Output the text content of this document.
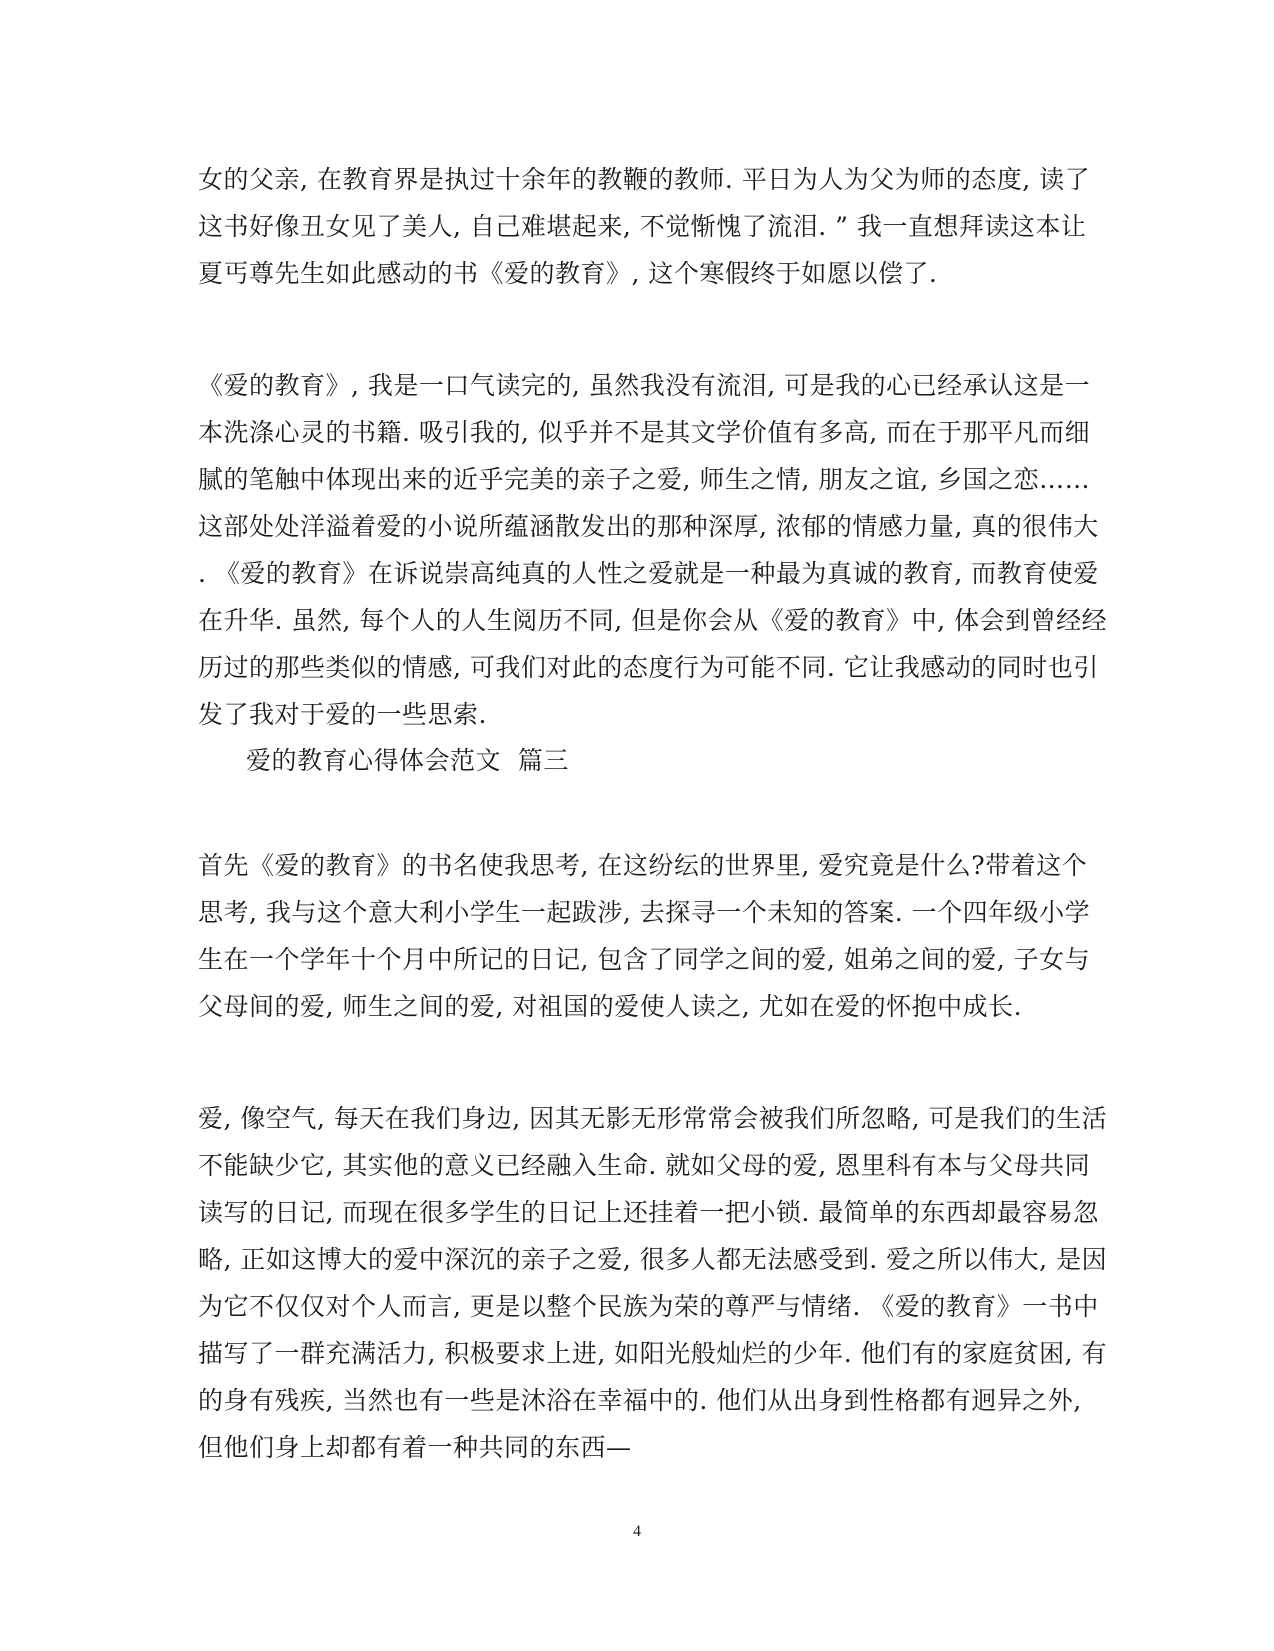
女的父亲, 在教育界是执过十余年的教鞭的教师. 平日为人为父为师的态度, 读了
这书好像丑女见了美人, 自己难堪起来, 不觉惭愧了流泪. ” 我一直想拜读这本让
夏丐尊先生如此感动的书《爱的教育》, 这个寒假终于如愿以偿了.
《爱的教育》, 我是一口气读完的, 虽然我没有流泪, 可是我的心已经承认这是一
本洗涤心灵的书籍. 吸引我的, 似乎并不是其文学价值有多高, 而在于那平凡而细
腻的笔触中体现出来的近乎完美的亲子之爱, 师生之情, 朋友之谊, 乡国之恋……
这部处处洋溢着爱的小说所蕴涵散发出的那种深厚, 浓郁的情感力量, 真的很伟大
. 《爱的教育》在诉说崇高纯真的人性之爱就是一种最为真诚的教育, 而教育使爱
在升华. 虽然, 每个人的人生阅历不同, 但是你会从《爱的教育》中, 体会到曾经经
历过的那些类似的情感, 可我们对此的态度行为可能不同. 它让我感动的同时也引
发了我对于爱的一些思索.
爱的教育心得体会范文  篇三
首先《爱的教育》的书名使我思考, 在这纷纭的世界里, 爱究竟是什么?带着这个
思考, 我与这个意大利小学生一起跋涉, 去探寻一个未知的答案. 一个四年级小学
生在一个学年十个月中所记的日记, 包含了同学之间的爱, 姐弟之间的爱, 子女与
父母间的爱, 师生之间的爱, 对祖国的爱使人读之, 尤如在爱的怀抱中成长.
爱, 像空气, 每天在我们身边, 因其无影无形常常会被我们所忽略, 可是我们的生活
不能缺少它, 其实他的意义已经融入生命. 就如父母的爱, 恩里科有本与父母共同
读写的日记, 而现在很多学生的日记上还挂着一把小锁. 最简单的东西却最容易忽
略, 正如这博大的爱中深沉的亲子之爱, 很多人都无法感受到. 爱之所以伟大, 是因
为它不仅仅对个人而言, 更是以整个民族为荣的尊严与情绪. 《爱的教育》一书中
描写了一群充满活力, 积极要求上进, 如阳光般灿烂的少年. 他们有的家庭贫困, 有
的身有残疾, 当然也有一些是沐浴在幸福中的. 他们从出身到性格都有迥异之外,
但他们身上却都有着一种共同的东西—
4
